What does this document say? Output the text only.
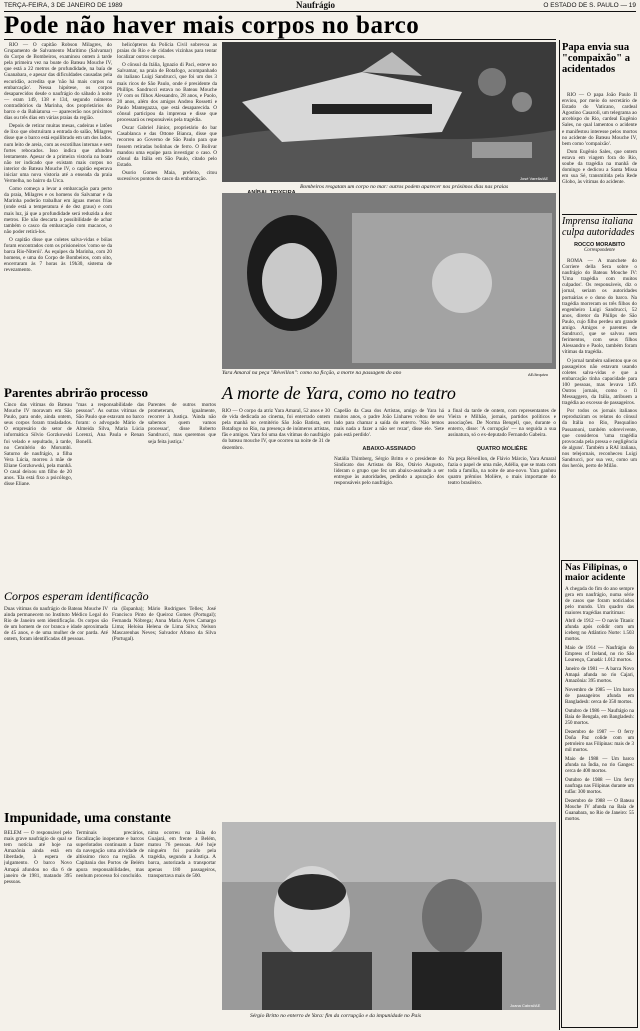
TERÇA-FEIRA, 3 DE JANEIRO DE 1989	Naufrágio	O ESTADO DE S. PAULO — 19
Pode não haver mais corpos no barco

RIO — O capitão Robson Milagres, do Grupamento de Salvamento Marítimo (Salvamar) do Corpo de Bombeiros, examinou ontem à tarde pela primeira vez na boate do Bateau Mouche IV, que está a 22 metros de profundidade, na baía de Guanabara, e apesar das dificuldades causadas pela escuridão, acredita que 'não há mais corpos na embarcação'. Nessa hipótese, os corpos desaparecidos desde o naufrágio do sábado à noite — eram 149, 138 e 134, segundo números contraditórios da Marinha, dos proprietários do barco e da Bahiatursa — aparecerão nos próximos dias ou três dias em várias praias da região.

Depois de retirar muitas mesas, cadeiras e latões de lixo que obstruíram a entrada do salão, Milagres disse que o barco está equilibrado em um dos lados, num leito de areia, com as escotilhas internas e sem fortes rebocados. Isso indica que afundou lentamente. Apesar de a primeira vistoria na boate não ter indicado que existam mais corpos no interior do Bateau Mouche IV, o capitão esperava iniciar uma nova vistoria até a enseada da praia Vermelha, no bairro da Urca.

Como começa a levar a embarcação para perto da praia, Milagres e os homens do Salvamar e da Marinha poderão trabalhar em águas menos frias (onde está a temperatura é de dez graus) e com mais luz, já que a profundidade será reduzida a dez metros. Ele não descarta a possibilidade de achar também o casco da embarcação com macacos, o não poder retirá-los.

O capitão disse que coletes salva-vidas e bóias foram encontrados com os prisioneiros 'como se da barca Rio-Niterói'. As equipes da Marinha, com 20 homens, e uma do Corpo de Bombeiros, com oito, encerraram às 7 horas às 19h30, sistema de revezamento.

helicópteros da Polícia Civil sobrevoa as praias do Rio e de cidades vizinhas para tentar localizar outros corpos.

O cônsul da Itália, Ignazio di Paci, esteve no Salvamar, na praia de Botafogo, acompanhado do italiano Luigi Sandrucci, que foi um dos 3 mais ricos de São Paulo, onde é presidente da Phillips. Sandrucci estava no Bateau Mouche IV com os filhos Alessandro, 28 anos, e Paolo, 20 anos, além dos amigos Andrea Rossetti e Paulo Mantegazza, que está desaparecida. O cônsul participou da imprensa e disse que processará os responsáveis pela tragédia.

Oscar Gabriel Júnior, proprietário do bar Casablanca e das Ottone Bianca, disse que recorreu ao Governo de São Paulo para que fossem retiradas bolinhas de ferro. O Bolivar mandou uma equipe para investigar o caso. O cônsul da Itália em São Paulo, citado pelo Estado.

Osorio Gomes Maia, prefeito, citou sucessivos pontos do casco da embarcação.

Bombeiros resgatam um corpo no mar: outros podem aparecer nos próximos dias nas praias
José Varella/AE
Yara Amaral na peça "Réveillon": como na ficção, a morte na passagem do ano	AE/Arquivo
Parentes abrirão processo
Cinco das vítimas do Bateau Mouche IV moravam em São Paulo, para onde, ainda ontem, seus corpos foram trasladados. O empresário do setor de informática Sílvio Gorzkowski foi velado e sepultado, à tarde, no Cemitério do Morumbi. Saturno de naufrágio, a filha Vera Lúcia, morreu à mãe de Eliane Gorzkowski, pela manhã. O casal deixou um filho de 20 anos. 'Ela está fixo a psicólogo, disse Eliane.
"mas a responsabilidade das pessoas". As outras vítimas de São Paulo que estavam no barco foram: o advogado Mário de Almeida Silva, Maria Lúcia Lorenzi, Ana Paula e Renan Bonelli.
Parentes de outros mortos prometeram, igualmente, recorrer à Justiça. 'Ainda não sabemos quem vamos processar', disse Roberto Sandrucci, mas queremos que seja feita justiça.'
A morte de Yara, como no teatro
RIO — O corpo da atriz Yara Amaral, 52 anos e 30 de vida dedicada ao cinema, foi enterrado ontem pela manhã no cemitério São João Batista, em Botafogo no Rio, na presença de inúmeros artistas, fãs e amigos. Yara foi uma das vítimas do naufrágio do bateau mouche IV, que ocorreu na noite de 31 de dezembro.
Capelão da Casa dos Artistas, amigo de Yara há muitos anos, o padre João Linhares voltou de seu lado para chamar a saída do enterro. 'Não temos mais nada a fazer a não ser rezar', disse ele. 'Sete pais está perdido'.
ABAIXO-ASSINADO
Natália Thimberg, Sérgio Britto e o presidente do Sindicato dos Artistas do Rio, Otávio Augusto, lideram o grupo que fez um abaixo-assinado a ser entregue às autoridades, pedindo a apuração dos responsáveis pelo naufrágio.
a final da tarde de ontem, com representantes de Vieira e Milhão, jornais, partidos políticos e associações. De Norma Bengell, que, durante o enterro, disse: 'A corrupção' — na seguida a sua assinatura, só o ex-deputado Fernando Gabeira.
QUATRO MOLIÈRE
Na peça Réveillon, de Flávio Márcio, Yara Amaral fazia o papel de uma mãe, Adélia, que se mata com toda a família, na noite de ano-novo. Yara ganhou quatro prêmios Molière, o mais importante do teatro brasileiro.
Corpos esperam identificação
Duas vítimas do naufrágio do Bateau Mouche IV ainda permanecem no Instituto Médico Legal do Rio de Janeiro sem identificação. Os corpos são de um homem de cor branca e idade aproximada de 45 anos, e de uma mulher de cor parda. Até ontem, foram identificadas 48 pessoas.
ria (Espanha); Mário Rodrigues Telles; José Francisco Pinto de Queiroz Gomes (Portugal); Fernanda Nóbrega; Anna Maria Ayres Camargo Lima; Heloísa Helena de Lima Silva; Nelson Mascarenhas Neves; Salvador Afonso da Silva (Portugal).
Impunidade, uma constante
BELÉM — O responsável pelo mais grave naufrágio do qual se tem notícia até hoje na Amazônia ainda está em liberdade, à espera de julgamento. O barco Novo Amapá afundou no dia 6 de janeiro de 1981, matando 395 pessoas.
Terminais precários, fiscalização inoperante e barcos superlotados continuam a fazer da navegação uma atividade de altíssimo risco na região. A Capitania dos Portos de Belém apura responsabilidades, mas nenhum processo foi concluído.
nima ocorreu na Baía do Guajará, em frente a Belém, matou 76 pessoas. Até hoje ninguém foi punido pela tragédia, segundo a Justiça. A barca, autorizada a transportar apenas 180 passageiros, transportava mais de 500.
Sérgio Britto no enterro de Yara: fim da corrupção e da impunidade no País
Joana Cabral/AE
Papa envia sua "compaixão" a acidentados

RIO — O papa João Paulo II enviou, por meio do secretário de Estado do Vaticano, cardeal Agostino Casaroli, um telegrama ao arcebispo do Rio, cardeal Eugênio Sales, no qual lamentou o acidente e manifestou interesse pelos mortos no acidente do Bateau Mouche IV, bem como 'compaixão'.

Dom Eugênio Sales, que ontem estava em viagem fora do Rio, soube da tragédia na manhã de domingo e dedicou a Santa Missa em sua Sé, transmitida pela Rede Globo, às vítimas do acidente.

Imprensa italiana culpa autoridades
ROCCO MORABITO
Correspondente

ROMA — A manchete do Corriere della Sera sobre o naufrágio do Bateau Mouche IV: 'Uma tragédia com muitos culpados'. Os responsáveis, diz o jornal, seriam os autoridades portuárias e o dono do barco. Na tragédia morreram os três filhos do engenheiro Luigi Sandrucci, 52 anos, diretor da Philips de São Paulo, cujo filho perdeu um grande amigo. Amigos e parentes de Sandrucci, que se salvou sem ferimentos, com seus filhos Alessandro e Paolo, também foram vítimas da tragédia.

O jornal também salientou que os passageiros não estavam usando coletes salva-vidas e que a embarcação tinha capacidade para 100 pessoas, mas levava 149. Outros jornais, como o Il Messaggero, da Itália, atribuem a tragédia ao excesso de passageiros.

Por todos os jornais italianos reproduziram os relatos do cônsul da Itália no Rio, Pasqualino Passamoni, também sobrevivente, que considerou 'uma tragédia provocada pela pressa e negligência de alguns'. Também a RAI italiana, nos telejornais, reconheceu Luigi Sandrucci, por sua vez, como um dos heróis, perto de Milão.

Nas Filipinas, o maior acidente
A chegada do fim do ano sempre gera em naufrágio, numa série de casos que foram noticiados pelo mundo. Um quadro das maiores tragédias marítimas:

Abril de 1912 — O navio Titanic afunda após colidir com um iceberg no Atlântico Norte: 1.503 mortos.

Maio de 1914 — Naufrágio do Empress of Ireland, no rio São Lourenço, Canadá: 1.012 mortos.

Janeiro de 1981 — A barca Novo Amapá afunda no rio Cajari, Amazônia: 395 mortos.

Novembro de 1985 — Um barco de passageiros afunda em Bangladesh: cerca de 350 mortos.

Outubro de 1986 — Naufrágio na Baía de Bengala, em Bangladesh: 250 mortos.

Dezembro de 1987 — O ferry Doña Paz colide com um petroleiro nas Filipinas: mais de 3 mil mortos.

Maio de 1988 — Um barco afunda na Índia, no rio Ganges: cerca de 400 mortos.

Outubro de 1988 — Um ferry naufraga nas Filipinas durante um tufão: 300 mortos.

Dezembro de 1988 — O Bateau Mouche IV afunda na Baía de Guanabara, no Rio de Janeiro: 55 mortos.
